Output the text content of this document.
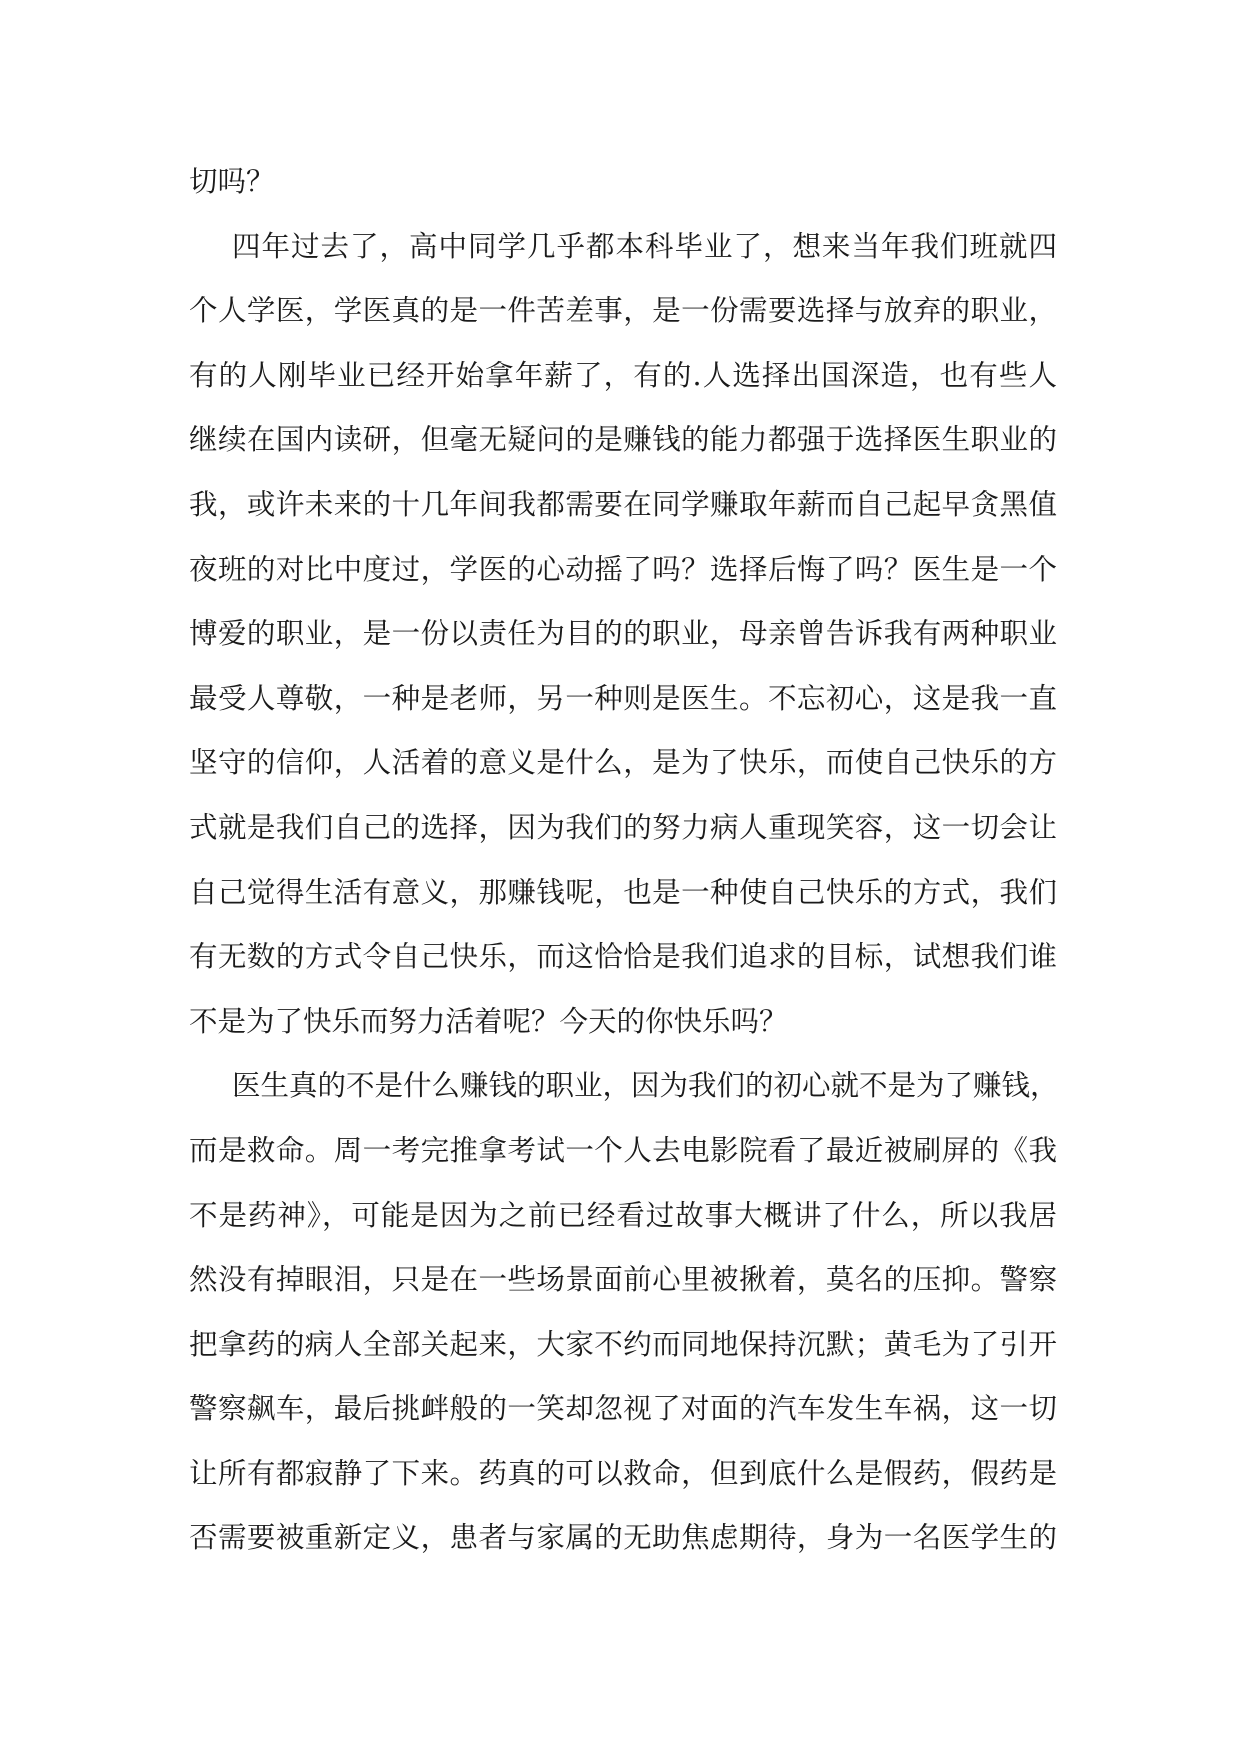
切吗？
四年过去了，高中同学几乎都本科毕业了，想来当年我们班就四
个人学医，学医真的是一件苦差事，是一份需要选择与放弃的职业，
有的人刚毕业已经开始拿年薪了，有的.人选择出国深造，也有些人
继续在国内读研，但毫无疑问的是赚钱的能力都强于选择医生职业的
我，或许未来的十几年间我都需要在同学赚取年薪而自己起早贪黑值
夜班的对比中度过，学医的心动摇了吗？选择后悔了吗？医生是一个
博爱的职业，是一份以责任为目的的职业，母亲曾告诉我有两种职业
最受人尊敬，一种是老师，另一种则是医生。不忘初心，这是我一直
坚守的信仰，人活着的意义是什么，是为了快乐，而使自己快乐的方
式就是我们自己的选择，因为我们的努力病人重现笑容，这一切会让
自己觉得生活有意义，那赚钱呢，也是一种使自己快乐的方式，我们
有无数的方式令自己快乐，而这恰恰是我们追求的目标，试想我们谁
不是为了快乐而努力活着呢？今天的你快乐吗？
医生真的不是什么赚钱的职业，因为我们的初心就不是为了赚钱，
而是救命。周一考完推拿考试一个人去电影院看了最近被刷屏的《我
不是药神》，可能是因为之前已经看过故事大概讲了什么，所以我居
然没有掉眼泪，只是在一些场景面前心里被揪着，莫名的压抑。警察
把拿药的病人全部关起来，大家不约而同地保持沉默；黄毛为了引开
警察飙车，最后挑衅般的一笑却忽视了对面的汽车发生车祸，这一切
让所有都寂静了下来。药真的可以救命，但到底什么是假药，假药是
否需要被重新定义，患者与家属的无助焦虑期待，身为一名医学生的
